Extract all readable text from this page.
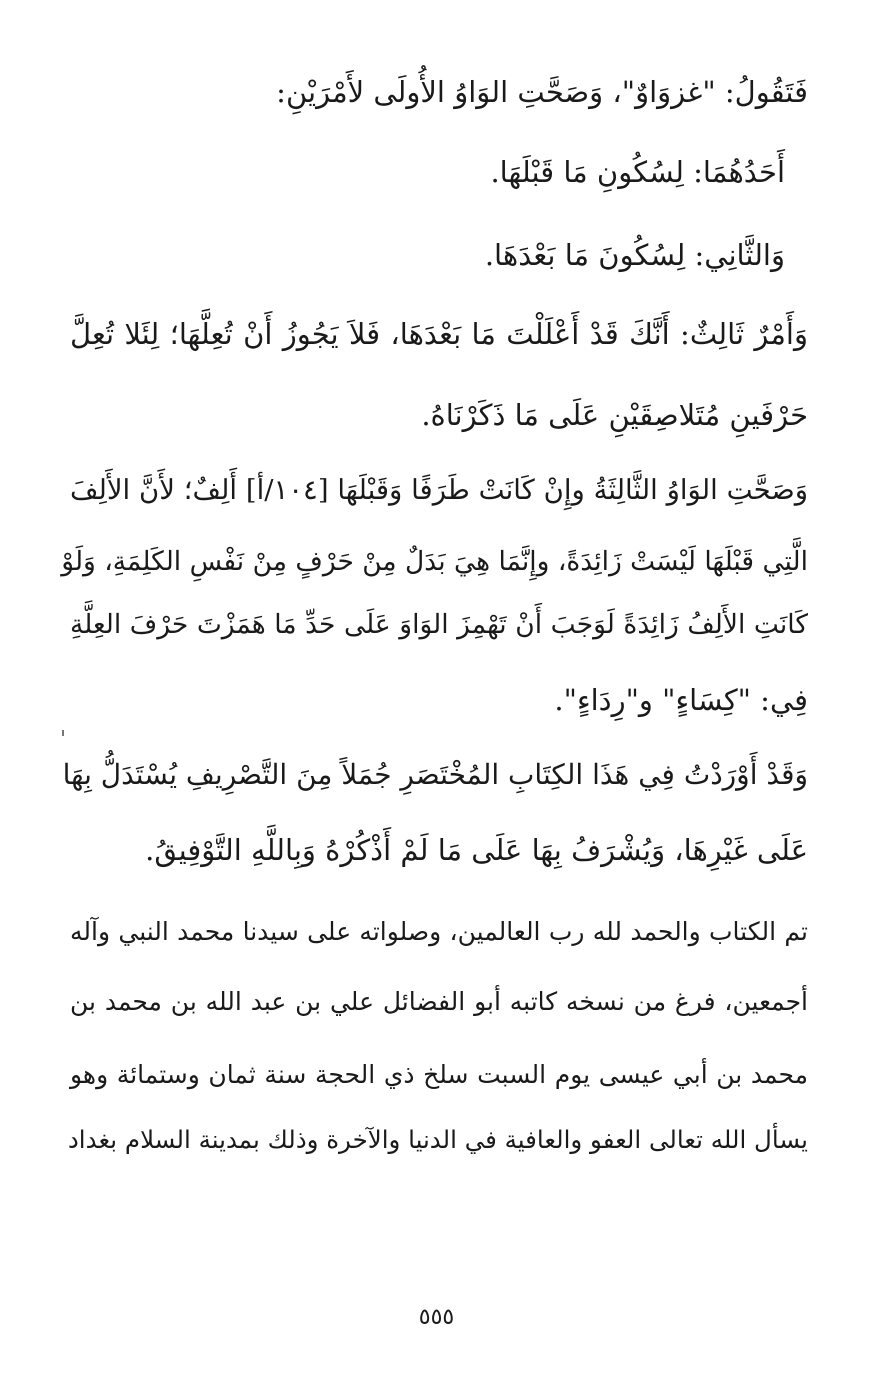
فَتَقُولُ: "غزوَاوٌ"، وَصَحَّتِ الوَاوُ الأُولَى لأَمْرَيْنِ:
أَحَدُهُمَا: لِسُكُونِ مَا قَبْلَهَا.
وَالثَّانِي: لِسُكُونَ مَا بَعْدَهَا.
وَأَمْرٌ ثَالِثٌ: أَنَّكَ قَدْ أَعْلَلْتَ مَا بَعْدَهَا، فَلاَ يَجُوزُ أَنْ تُعِلَّهَا؛ لِئَلا تُعِلَّ
حَرْفَينِ مُتَلاصِقَيْنِ عَلَى مَا ذَكَرْنَاهُ.
وَصَحَّتِ الوَاوُ الثَّالِثَةُ وإِنْ كَانَتْ طَرَفًا وَقَبْلَهَا [١٠٤/أ] أَلِفٌ؛ لأَنَّ الأَلِفَ
الَّتِي قَبْلَهَا لَيْسَتْ زَائِدَةً، وإِنَّمَا هِيَ بَدَلٌ مِنْ حَرْفٍ مِنْ نَفْسِ الكَلِمَةِ، وَلَوْ
كَانَتِ الأَلِفُ زَائِدَةً لَوَجَبَ أَنْ تَهْمِزَ الوَاوَ عَلَى حَدِّ مَا هَمَزْتَ حَرْفَ العِلَّةِ
فِي: "كِسَاءٍ" و"رِدَاءٍ".
وَقَدْ أَوْرَدْتُ فِي هَذَا الكِتَابِ المُخْتَصَرِ جُمَلاً مِنَ التَّصْرِيفِ يُسْتَدَلُّ بِهَا
عَلَى غَيْرِهَا، وَيُشْرَفُ بِهَا عَلَى مَا لَمْ أَذْكُرْهُ وَبِاللَّهِ التَّوْفِيقُ.
تم الكتاب والحمد لله رب العالمين، وصلواته على سيدنا محمد النبي وآله
أجمعين، فرغ من نسخه كاتبه أبو الفضائل علي بن عبد الله بن محمد بن
محمد بن أبي عيسى يوم السبت سلخ ذي الحجة سنة ثمان وستمائة وهو
يسأل الله تعالى العفو والعافية في الدنيا والآخرة وذلك بمدينة السلام بغداد
٥٥٥
